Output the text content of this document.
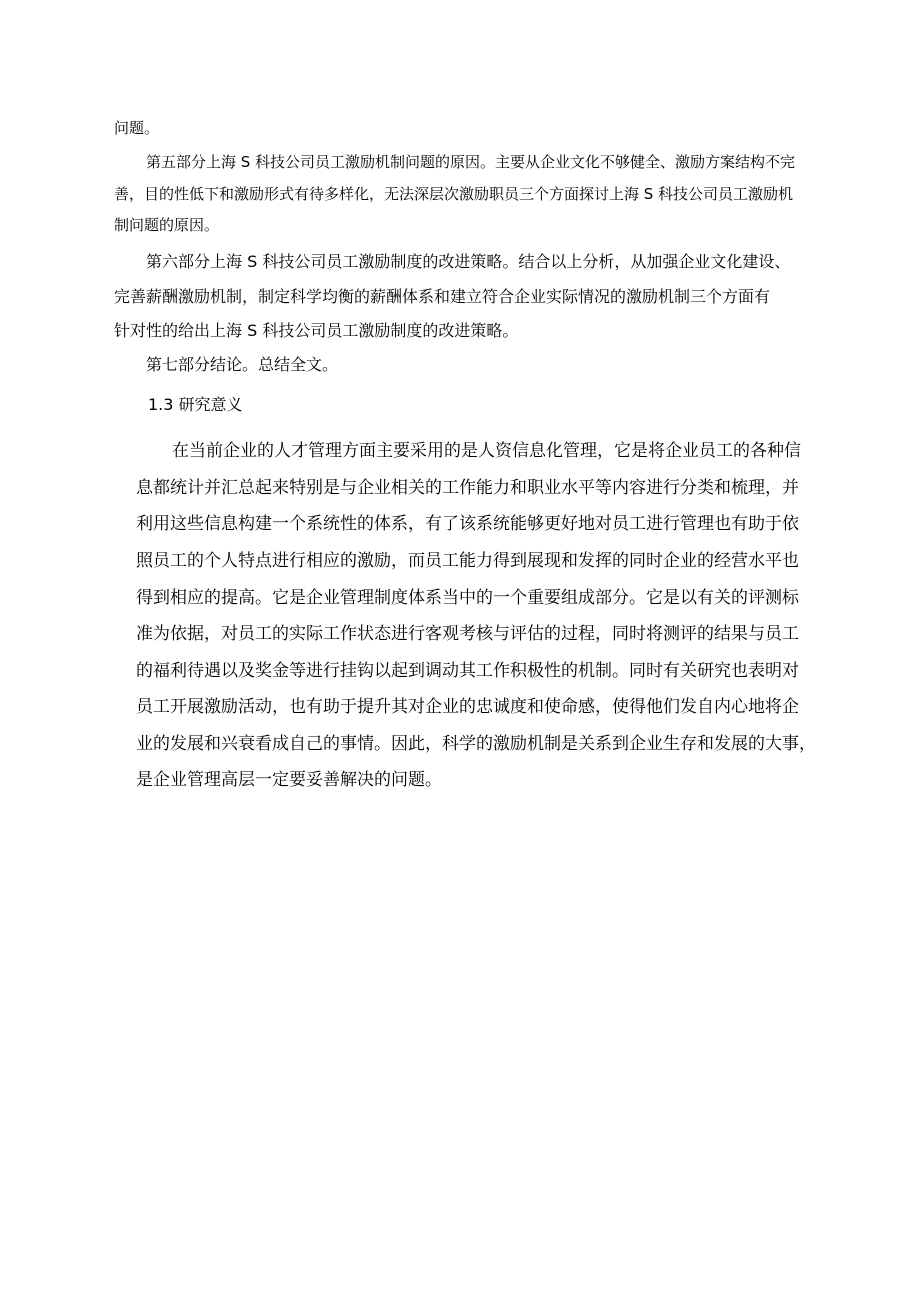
问题。
第五部分上海 S 科技公司员工激励机制问题的原因。主要从企业文化不够健全、激励方案结构不完
善，目的性低下和激励形式有待多样化，无法深层次激励职员三个方面探讨上海 S 科技公司员工激励机
制问题的原因。
第六部分上海 S 科技公司员工激励制度的改进策略。结合以上分析，从加强企业文化建设、
完善薪酬激励机制，制定科学均衡的薪酬体系和建立符合企业实际情况的激励机制三个方面有
针对性的给出上海 S 科技公司员工激励制度的改进策略。
第七部分结论。总结全文。
1.3 研究意义
在当前企业的人才管理方面主要采用的是人资信息化管理，它是将企业员工的各种信
息都统计并汇总起来特别是与企业相关的工作能力和职业水平等内容进行分类和梳理，并
利用这些信息构建一个系统性的体系，有了该系统能够更好地对员工进行管理也有助于依
照员工的个人特点进行相应的激励，而员工能力得到展现和发挥的同时企业的经营水平也
得到相应的提高。它是企业管理制度体系当中的一个重要组成部分。它是以有关的评测标
准为依据，对员工的实际工作状态进行客观考核与评估的过程，同时将测评的结果与员工
的福利待遇以及奖金等进行挂钩以起到调动其工作积极性的机制。同时有关研究也表明对
员工开展激励活动，也有助于提升其对企业的忠诚度和使命感，使得他们发自内心地将企
业的发展和兴衰看成自己的事情。因此，科学的激励机制是关系到企业生存和发展的大事，
是企业管理高层一定要妥善解决的问题。
